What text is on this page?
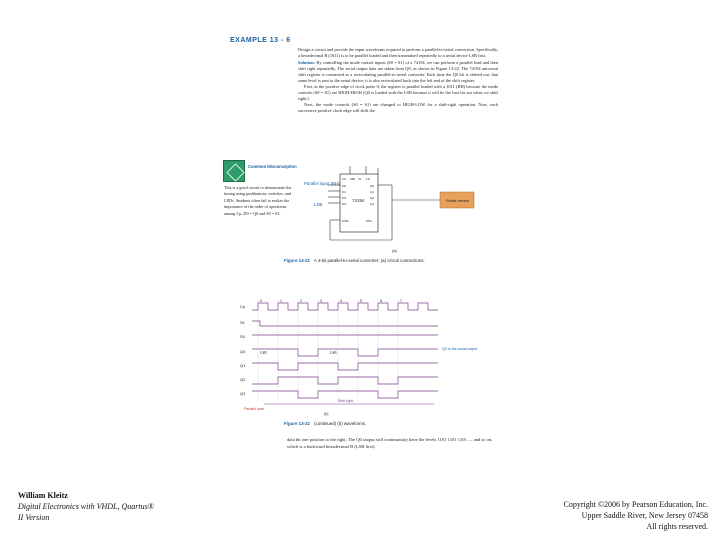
EXAMPLE 13 - 6

Design a circuit and provide the input waveforms required to perform a parallel-to-serial conversion. Specifically, a hexadecimal B (1011) is to be parallel loaded and then transmitted repeatedly to a serial device LSB first.

Solution: By controlling the mode control inputs (S0 = S1) of a 74194, we can perform a parallel load and then shift right repeatedly. The serial output data are taken from Q0, as shown in Figure 13-22. The 74194 universal shift register is connected as a recirculating parallel-to-serial converter. Each time the Q0 bit is shifted out, that same level is sent to the serial device; it is also recirculated back into the left end of the shift register.

First, at the positive edge of clock pulse 0, the register is parallel loaded with a 1011 (BH) because the mode controls (S0 = S1) are HIGH-HIGH (Q0 is loaded with the LSB because it will be the first bit out when we shift right.)

Next, the mode controls (S0 = S1) are changed to HIGH-LOW for a shift-right operation. Now, each successive positive clock edge will shift the

Common Misconception
This is a good circuit to demonstrate the timing using pushbuttons, switches, and LEDs. Students often fail to realize the importance of the order of operations among Cp, D0 = Q0 and S0 = S1.
Parallel input (BH)
LSB
74194
S0	S1 CP
MR
D0
D1
D2
D3
DSR	DSL
Q0
Q1
Q2
Q3
Serial device
(a)
Figure 13-22 A 4-bit parallel-to-serial converter: (a) circuit connections;
Cp
S1
S0
Q0
Q1
Q2
Q3
0	1	2	3	4	5	6	7
LSB	LSB
Q0 to the serial output
Shift right
Parallel load
(b)
Figure 13-22 (continued) (b) waveforms.
data bit one position to the right. The Q0 output will continuously have the levels 1101 1101 1101 ..., and so on, which is a backward hexadecimal B (LSB first).
William Kleitz
Digital Electronics with VHDL, Quartus®
II Version
Copyright ©2006 by Pearson Education, Inc.
Upper Saddle River, New Jersey 07458
All rights reserved.
